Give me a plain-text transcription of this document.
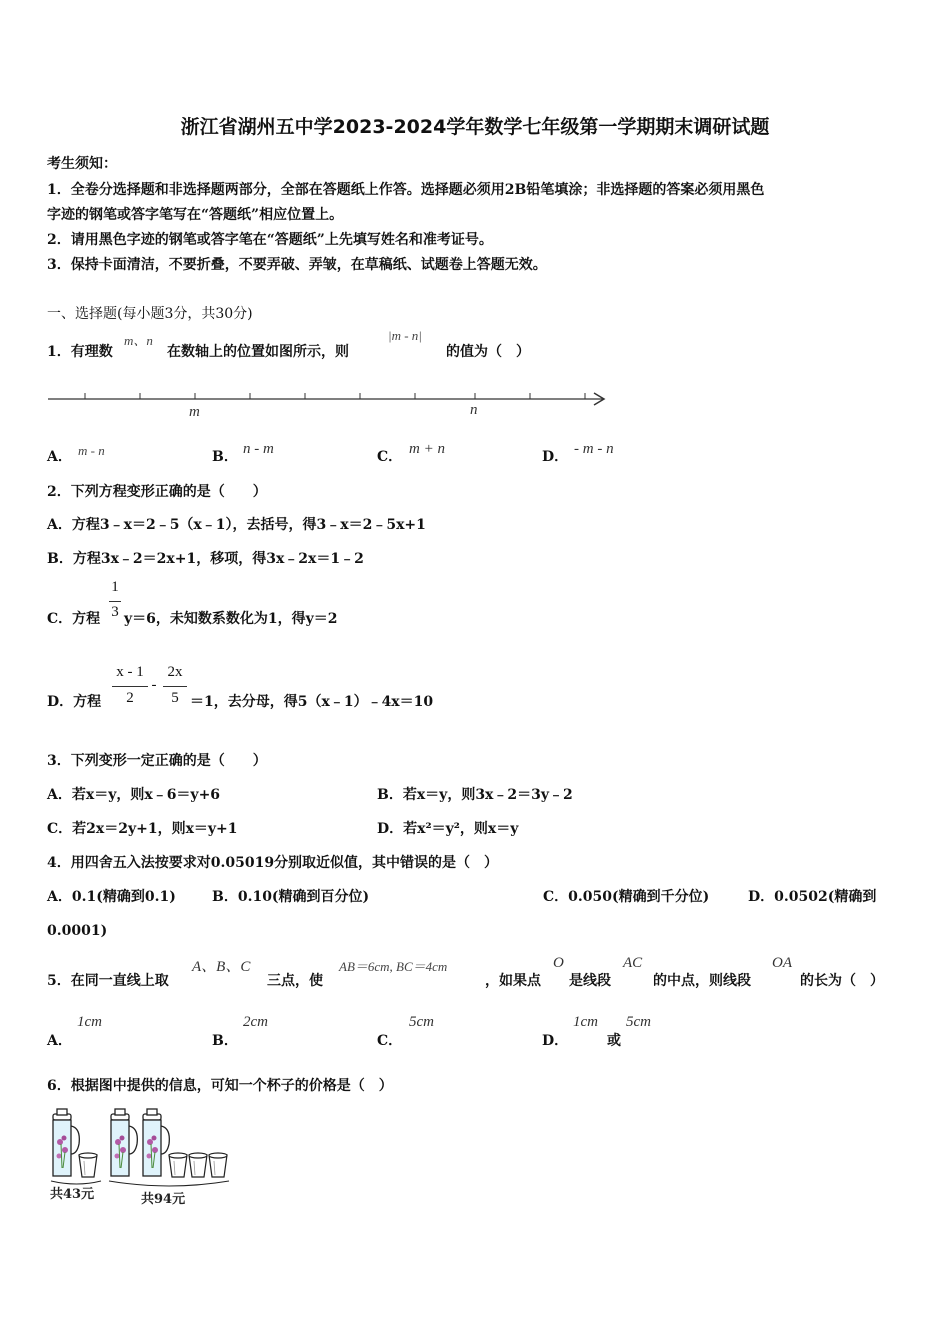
浙江省湖州五中学2023-2024学年数学七年级第一学期期末调研试题
考生须知：
1．全卷分选择题和非选择题两部分，全部在答题纸上作答。选择题必须用2B铅笔填涂；非选择题的答案必须用黑色
字迹的钢笔或答字笔写在“答题纸”相应位置上。
2．请用黑色字迹的钢笔或答字笔在“答题纸”上先填写姓名和准考证号。
3．保持卡面清洁，不要折叠，不要弄破、弄皱，在草稿纸、试题卷上答题无效。
一、选择题(每小题3分，共30分)
1．有理数
m、n
在数轴上的位置如图所示，则
|m - n|
的值为（　）
m	n
A． m - n	B． n - m	C． m + n	D． - m - n
2．下列方程变形正确的是（　　）
A．方程3﹣x＝2﹣5（x﹣1），去括号，得3﹣x＝2﹣5x+1
B．方程3x﹣2＝2x+1，移项，得3x﹣2x＝1﹣2
C．方程
1
3 y＝6，未知数系数化为1，得y＝2
D．方程
x - 1
2
-
2x
5 ＝1，去分母，得5（x﹣1）﹣4x＝10
3．下列变形一定正确的是（　　）
A．若x＝y，则x﹣6＝y+6	B．若x＝y，则3x﹣2＝3y﹣2
C．若2x＝2y+1，则x＝y+1	D．若x²＝y²，则x＝y
4．用四舍五入法按要求对0.05019分别取近似值，其中错误的是（　）
A．0.1(精确到0.1)	B．0.10(精确到百分位)	C．0.050(精确到千分位)	D．0.0502(精确到
0.0001)
5．在同一直线上取
A、B、C
三点，使
AB＝6cm, BC＝4cm
，如果点
O
是线段
AC
的中点，则线段
OA
的长为（　）
A．
1cm
B．
2cm
C．
5cm
D．
1cm
或
5cm
6．根据图中提供的信息，可知一个杯子的价格是（　）
共43元	共94元
